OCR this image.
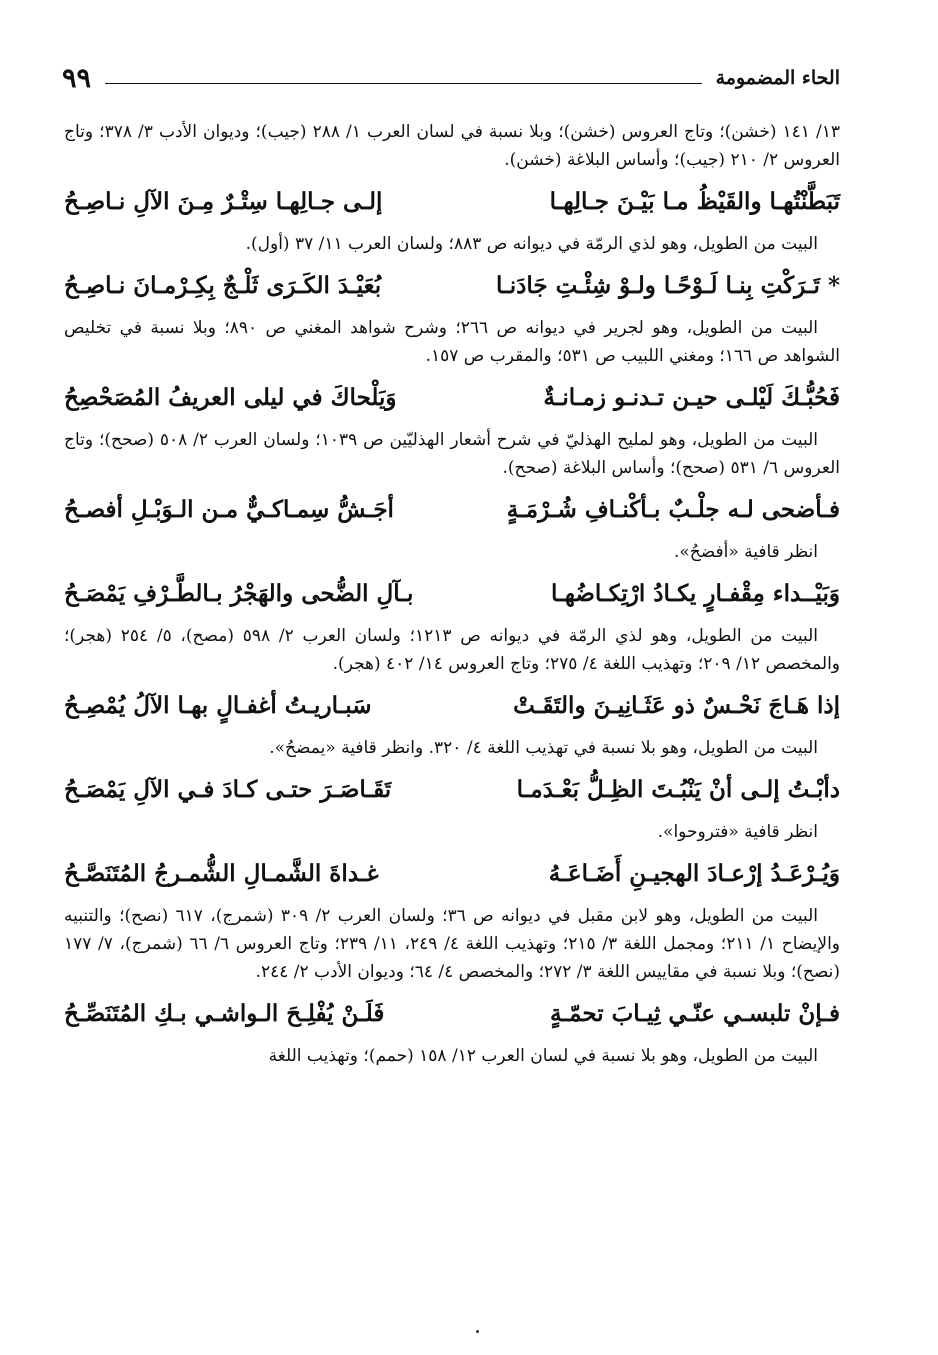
٩٩	الحاء المضمومة

١٣/ ١٤١ (خشن)؛ وتاج العروس (خشن)؛ وبلا نسبة في لسان العرب ١/ ٢٨٨ (جيب)؛ وديوان الأدب ٣/ ٣٧٨؛ وتاج العروس ٢/ ٢١٠ (جيب)؛ وأساس البلاغة (خشن).

تَبَطَّنْتُهـا والقَيْظُ مـا بَيْـنَ جـالِهـا
إلـى جـالِهـا سِتْـرٌ مِـنَ الآلِ نـاصِـحُ

البيت من الطويل، وهو لذي الرمّة في ديوانه ص ٨٨٣؛ ولسان العرب ١١/ ٣٧ (أول).

* تَـرَكْتِ بِنـا لَـوْحًـا ولـوْ شِئْـتِ جَادَنـا
بُعَيْـدَ الكَـرَى ثَلْـجٌ بِكِـرْمـانَ نـاصِـحُ

البيت من الطويل، وهو لجرير في ديوانه ص ٢٦٦؛ وشرح شواهد المغني ص ٨٩٠؛ وبلا نسبة في تخليص الشواهد ص ١٦٦؛ ومغني اللبيب ص ٥٣١؛ والمقرب ص ١٥٧.

فَحُبُّـكَ لَيْلـى حيـن تـدنـو زمـانـةٌ
وَيَلْحاكَ في ليلى العريفُ المُصَحْصِحُ

البيت من الطويل، وهو لمليح الهذليّ في شرح أشعار الهذليّين ص ١٠٣٩؛ ولسان العرب ٢/ ٥٠٨ (صحح)؛ وتاج العروس ٦/ ٥٣١ (صحح)؛ وأساس البلاغة (صحح).

فـأضحى لـه جلْـبٌ بـأكْنـافِ شُـرْمَـةٍ
أجَـشُّ سِمـاكـيٌّ مـن الـوَبْـلِ أفصـحُ

انظر قافية «أفضحُ».

وَبَيْــداء مِقْفـارٍ يكـادُ ارْتِكـاضُهـا
بـآلِ الضُّحى والهَجْرُ بـالطَّـرْفِ يَمْصَـحُ

البيت من الطويل، وهو لذي الرمّة في ديوانه ص ١٢١٣؛ ولسان العرب ٢/ ٥٩٨ (مصح)، ٥/ ٢٥٤ (هجر)؛ والمخصص ١٢/ ٢٠٩؛ وتهذيب اللغة ٤/ ٢٧٥؛ وتاج العروس ١٤/ ٤٠٢ (هجر).

إذا هَـاجَ نَحْـسٌ ذو عَثَـانِيـنَ والتَقَـتْ
سَبـاريـتُ أغفـالٍ بهـا الآلُ يُمْصِـحُ

البيت من الطويل، وهو بلا نسبة في تهذيب اللغة ٤/ ٣٢٠. وانظر قافية «يمضحُ».

دأبْـتُ إلـى أنْ يَنْبُـتَ الظِـلُّ بَعْـدَمـا
تَقَـاصَـرَ حتـى كـادَ فـي الآلِ يَمْصَـحُ

انظر قافية «فتروحوا».

وَيُـرْعَـدُ إرْعـادَ الهجيـنِ أَضَـاعَـهُ
غـداةَ الشَّمـالِ الشُّمـرجُ المُتَنَصَّـحُ

البيت من الطويل، وهو لابن مقبل في ديوانه ص ٣٦؛ ولسان العرب ٢/ ٣٠٩ (شمرج)، ٦١٧ (نصح)؛ والتنبيه والإيضاح ١/ ٢١١؛ ومجمل اللغة ٣/ ٢١٥؛ وتهذيب اللغة ٤/ ٢٤٩، ١١/ ٢٣٩؛ وتاج العروس ٦/ ٦٦ (شمرج)، ٧/ ١٧٧ (نصح)؛ وبلا نسبة في مقاييس اللغة ٣/ ٢٧٢؛ والمخصص ٤/ ٦٤؛ وديوان الأدب ٢/ ٢٤٤.

فـإنْ تلبسـي عنّـي ثِيـابَ تحمّـةٍ
فَلَـنْ يُفْلِـحَ الـواشـي بـكِ المُتَنَصِّـحُ

البيت من الطويل، وهو بلا نسبة في لسان العرب ١٢/ ١٥٨ (حمم)؛ وتهذيب اللغة
